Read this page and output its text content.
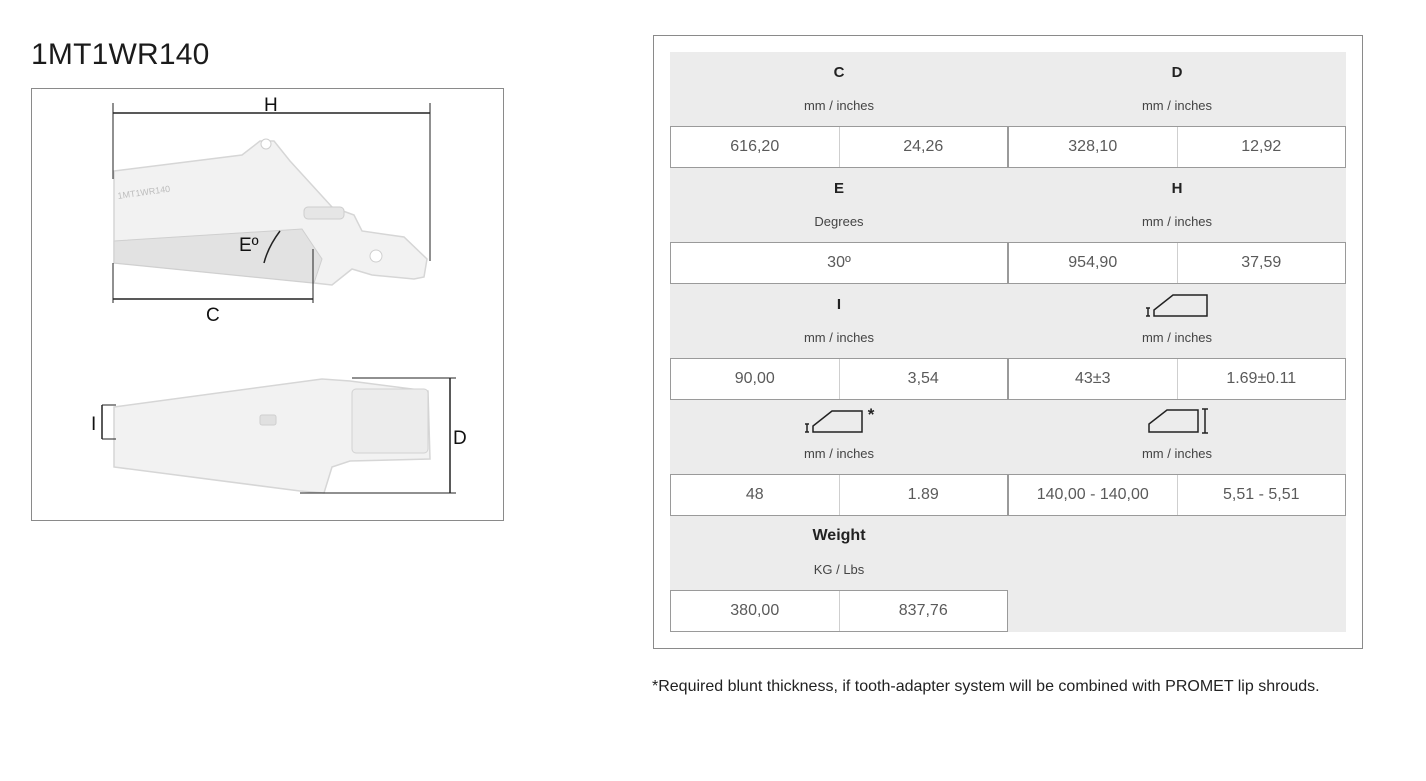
1MT1WR140
1MT1WR140
H
Eº
C
I
D
C
mm / inches
616,20	24,26
D
mm / inches
328,10	12,92
E
Degrees
30º
H
mm / inches
954,90	37,59
I
mm / inches
90,00	3,54
mm / inches
43±3	1.69±0.11
*
mm / inches
48	1.89
mm / inches
140,00 - 140,00	5,51 - 5,51
Weight
KG / Lbs
380,00	837,76
*Required blunt thickness, if tooth-adapter system will be combined with PROMET lip shrouds.
